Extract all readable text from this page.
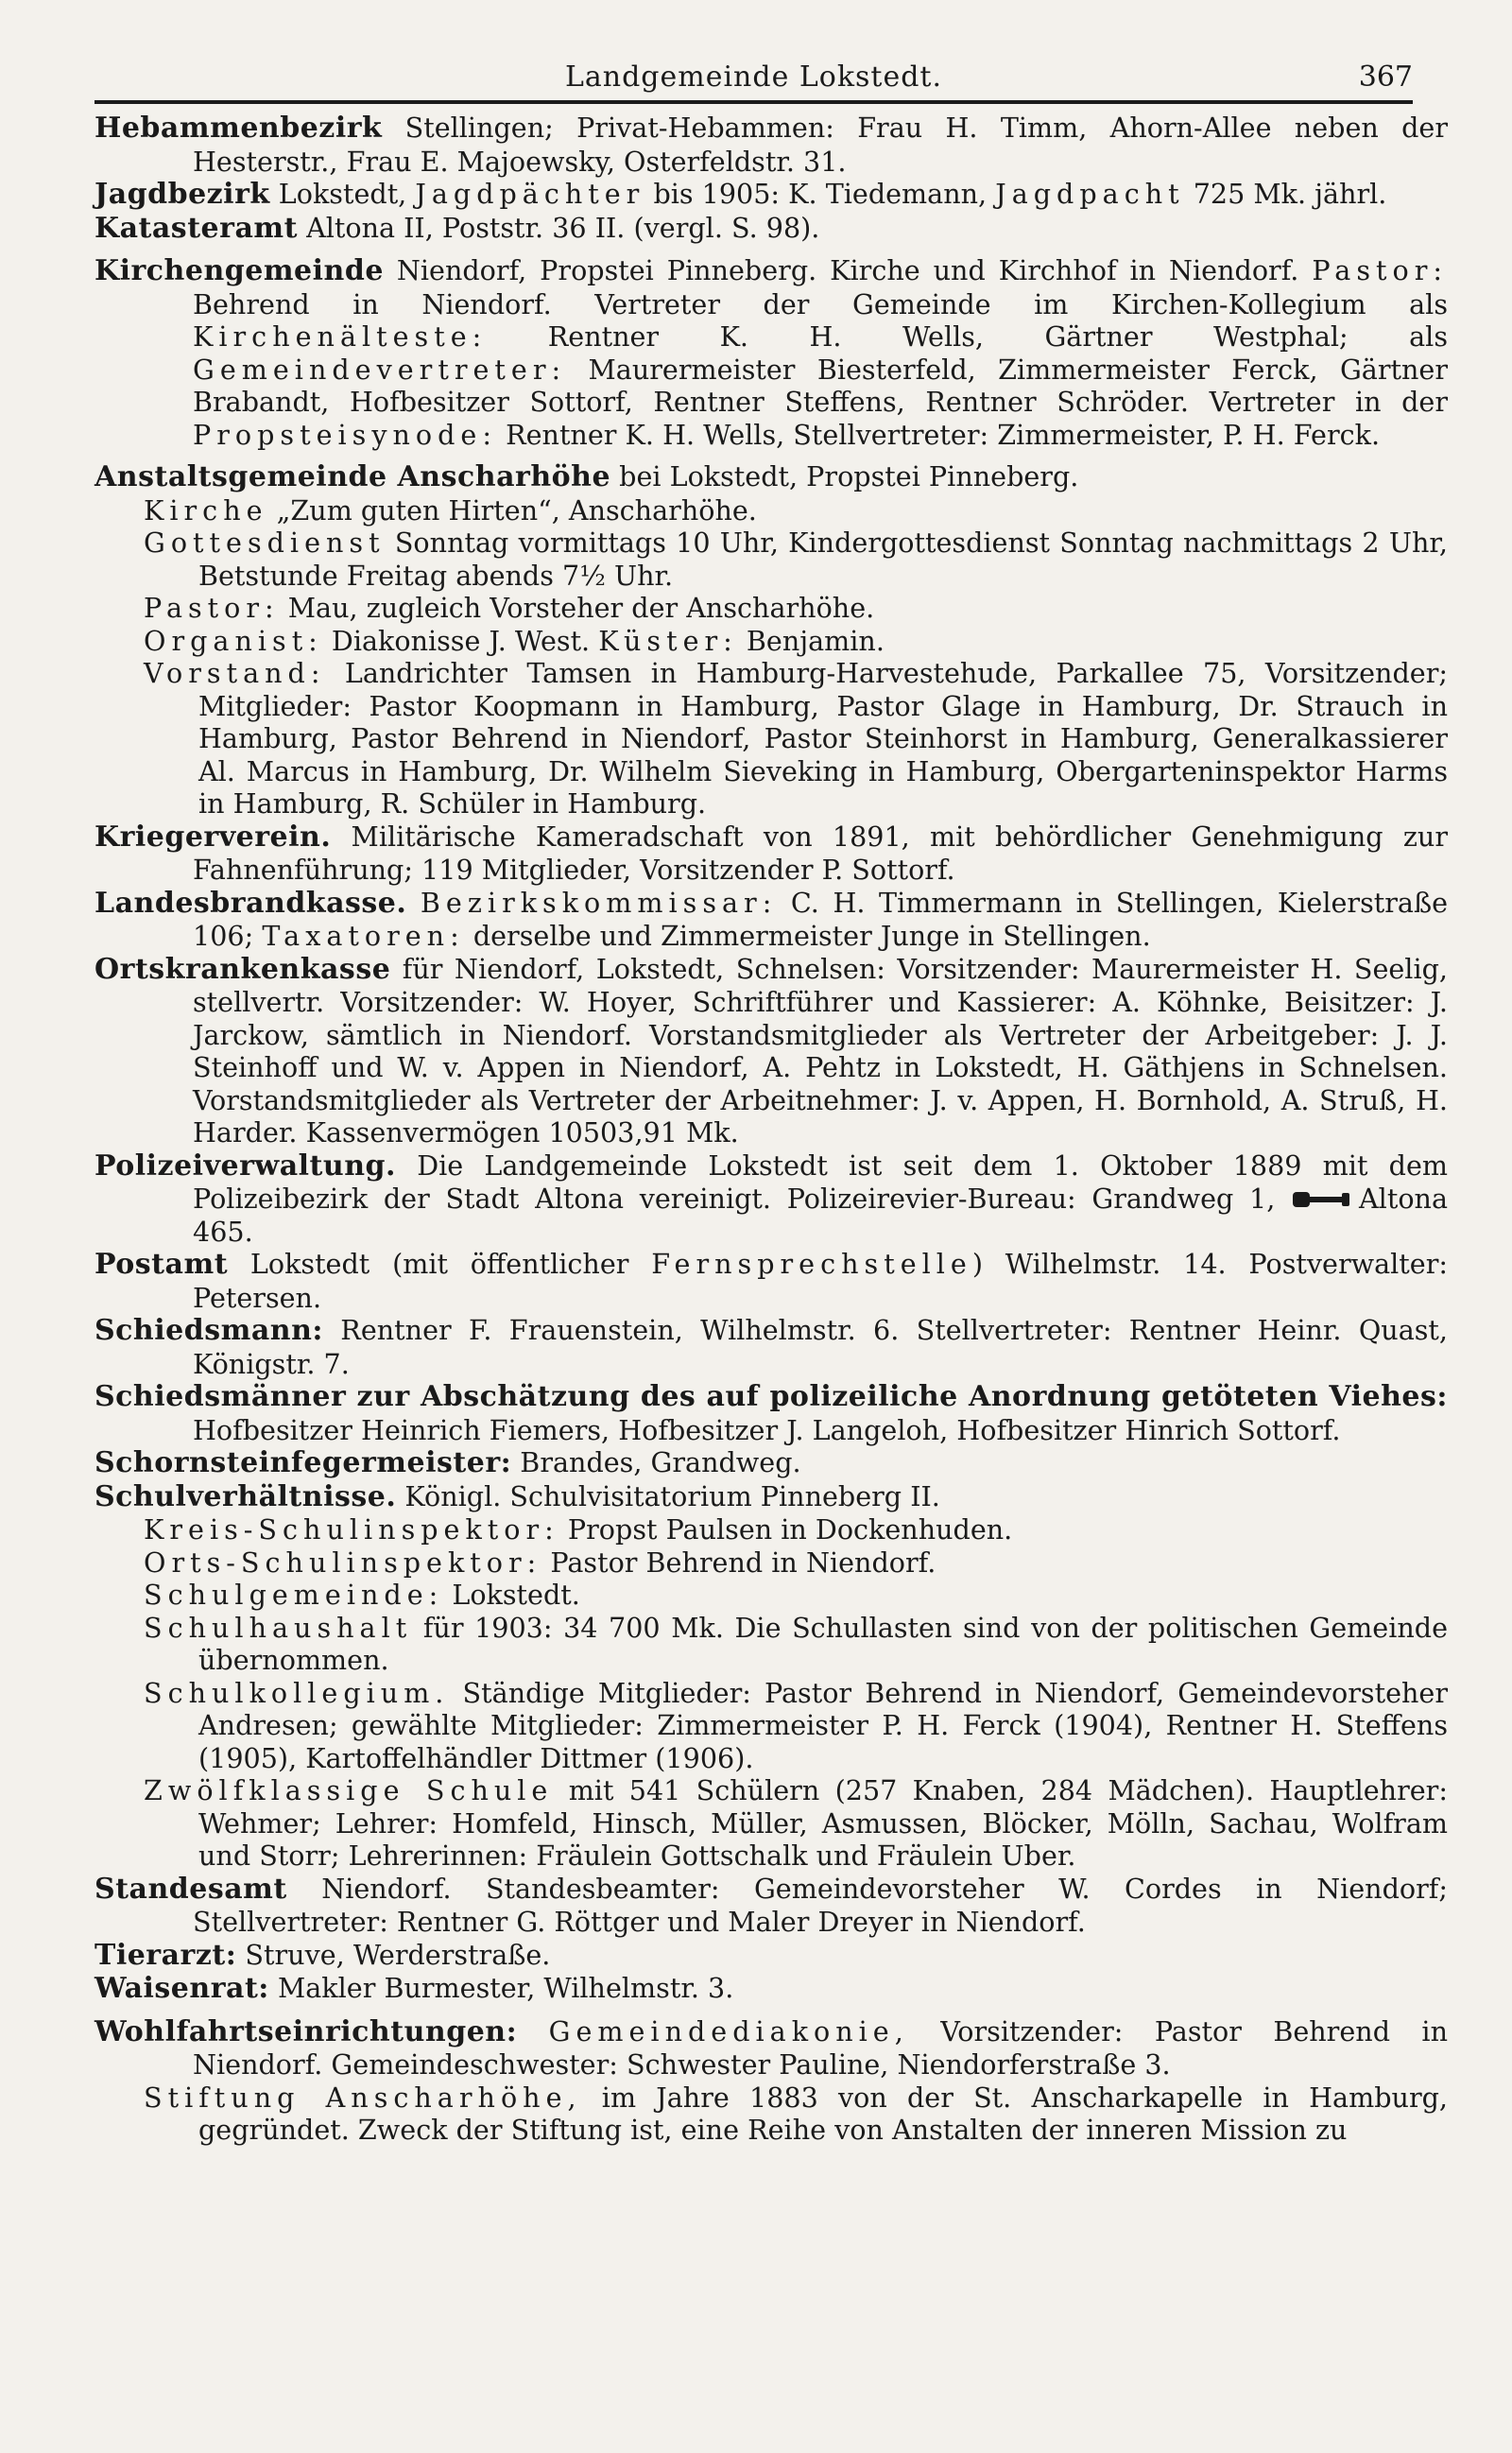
Landgemeinde Lokstedt.	367

Hebammenbezirk Stellingen; Privat-Hebammen: Frau H. Timm, Ahorn-Allee neben der Hesterstr., Frau E. Majoewsky, Osterfeldstr. 31.

Jagdbezirk Lokstedt, Jagdpächter bis 1905: K. Tiedemann, Jagdpacht 725 Mk. jährl.

Katasteramt Altona II, Poststr. 36 II. (vergl. S. 98).

Kirchengemeinde Niendorf, Propstei Pinneberg. Kirche und Kirchhof in Niendorf. Pastor: Behrend in Niendorf. Vertreter der Gemeinde im Kirchen-Kollegium als Kirchenälteste: Rentner K. H. Wells, Gärtner Westphal; als Gemeindevertreter: Maurermeister Biesterfeld, Zimmermeister Ferck, Gärtner Brabandt, Hofbesitzer Sottorf, Rentner Steffens, Rentner Schröder. Vertreter in der Propsteisynode: Rentner K. H. Wells, Stellvertreter: Zimmermeister, P. H. Ferck.

Anstaltsgemeinde Anscharhöhe bei Lokstedt, Propstei Pinneberg.

Kirche „Zum guten Hirten“, Anscharhöhe.

Gottesdienst Sonntag vormittags 10 Uhr, Kindergottesdienst Sonntag nachmittags 2 Uhr, Betstunde Freitag abends 7½ Uhr.

Pastor: Mau, zugleich Vorsteher der Anscharhöhe.

Organist: Diakonisse J. West. Küster: Benjamin.

Vorstand: Landrichter Tamsen in Hamburg-Harvestehude, Parkallee 75, Vorsitzender; Mitglieder: Pastor Koopmann in Hamburg, Pastor Glage in Hamburg, Dr. Strauch in Hamburg, Pastor Behrend in Niendorf, Pastor Steinhorst in Hamburg, Generalkassierer Al. Marcus in Hamburg, Dr. Wilhelm Sieveking in Hamburg, Obergarteninspektor Harms in Hamburg, R. Schüler in Hamburg.

Kriegerverein. Militärische Kameradschaft von 1891, mit behördlicher Genehmigung zur Fahnenführung; 119 Mitglieder, Vorsitzender P. Sottorf.

Landesbrandkasse. Bezirkskommissar: C. H. Timmermann in Stellingen, Kielerstraße 106; Taxatoren: derselbe und Zimmermeister Junge in Stellingen.

Ortskrankenkasse für Niendorf, Lokstedt, Schnelsen: Vorsitzender: Maurermeister H. Seelig, stellvertr. Vorsitzender: W. Hoyer, Schriftführer und Kassierer: A. Köhnke, Beisitzer: J. Jarckow, sämtlich in Niendorf. Vorstandsmitglieder als Vertreter der Arbeitgeber: J. J. Steinhoff und W. v. Appen in Niendorf, A. Pehtz in Lokstedt, H. Gäthjens in Schnelsen. Vorstandsmitglieder als Vertreter der Arbeitnehmer: J. v. Appen, H. Bornhold, A. Struß, H. Harder. Kassenvermögen 10503,91 Mk.

Polizeiverwaltung. Die Landgemeinde Lokstedt ist seit dem 1. Oktober 1889 mit dem Polizeibezirk der Stadt Altona vereinigt. Polizeirevier-Bureau: Grandweg 1,	Altona 465.

Postamt Lokstedt (mit öffentlicher Fernsprechstelle) Wilhelmstr. 14. Postverwalter: Petersen.

Schiedsmann: Rentner F. Frauenstein, Wilhelmstr. 6. Stellvertreter: Rentner Heinr. Quast, Königstr. 7.

Schiedsmänner zur Abschätzung des auf polizeiliche Anordnung getöteten Viehes: Hofbesitzer Heinrich Fiemers, Hofbesitzer J. Langeloh, Hofbesitzer Hinrich Sottorf.

Schornsteinfegermeister: Brandes, Grandweg.

Schulverhältnisse. Königl. Schulvisitatorium Pinneberg II.

Kreis-Schulinspektor: Propst Paulsen in Dockenhuden.

Orts-Schulinspektor: Pastor Behrend in Niendorf.

Schulgemeinde: Lokstedt.

Schulhaushalt für 1903: 34 700 Mk. Die Schullasten sind von der politischen Gemeinde übernommen.

Schulkollegium. Ständige Mitglieder: Pastor Behrend in Niendorf, Gemeindevorsteher Andresen; gewählte Mitglieder: Zimmermeister P. H. Ferck (1904), Rentner H. Steffens (1905), Kartoffelhändler Dittmer (1906).

Zwölfklassige Schule mit 541 Schülern (257 Knaben, 284 Mädchen). Hauptlehrer: Wehmer; Lehrer: Homfeld, Hinsch, Müller, Asmussen, Blöcker, Mölln, Sachau, Wolfram und Storr; Lehrerinnen: Fräulein Gottschalk und Fräulein Uber.

Standesamt Niendorf. Standesbeamter: Gemeindevorsteher W. Cordes in Niendorf; Stellvertreter: Rentner G. Röttger und Maler Dreyer in Niendorf.

Tierarzt: Struve, Werderstraße.

Waisenrat: Makler Burmester, Wilhelmstr. 3.

Wohlfahrtseinrichtungen: Gemeindediakonie, Vorsitzender: Pastor Behrend in Niendorf. Gemeindeschwester: Schwester Pauline, Niendorferstraße 3.

Stiftung Anscharhöhe, im Jahre 1883 von der St. Anscharkapelle in Hamburg, gegründet. Zweck der Stiftung ist, eine Reihe von Anstalten der inneren Mission zu
